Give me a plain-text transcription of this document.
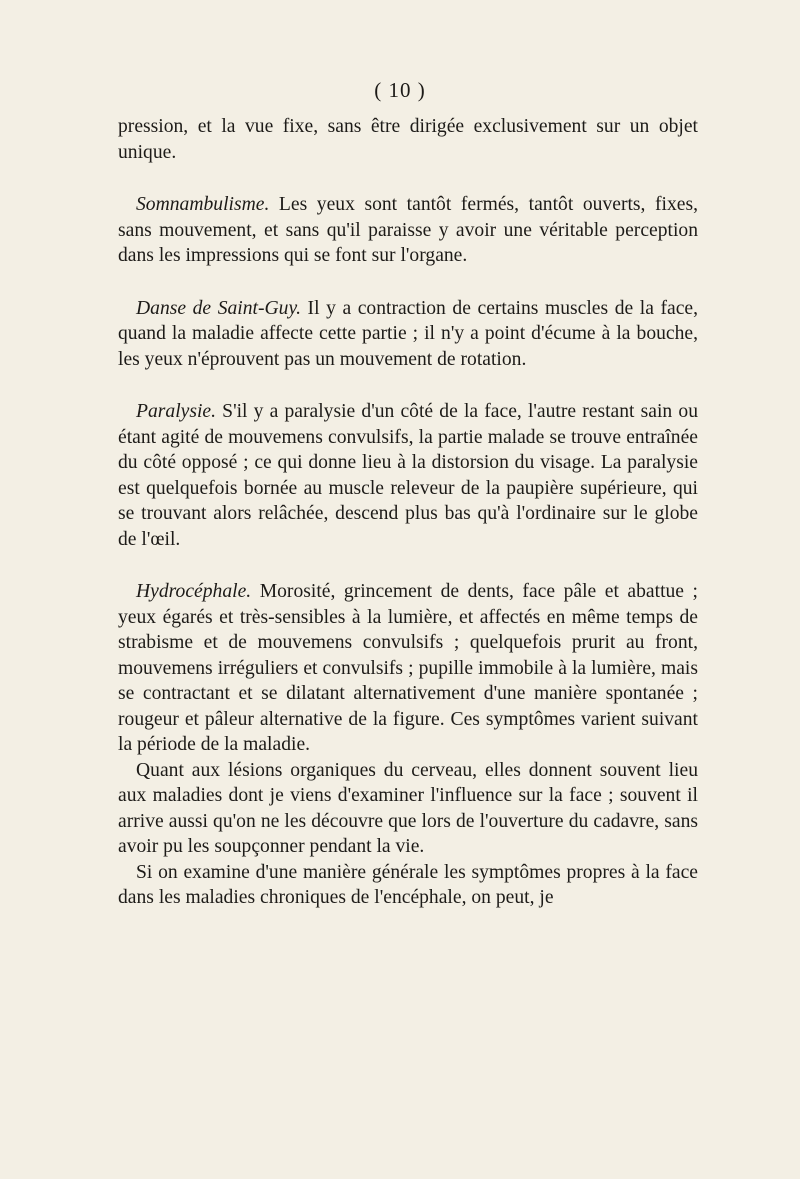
( 10 )

pression, et la vue fixe, sans être dirigée exclusivement sur un objet unique.

Somnambulisme. Les yeux sont tantôt fermés, tantôt ouverts, fixes, sans mouvement, et sans qu'il paraisse y avoir une véritable perception dans les impressions qui se font sur l'organe.

Danse de Saint-Guy. Il y a contraction de certains muscles de la face, quand la maladie affecte cette partie ; il n'y a point d'écume à la bouche, les yeux n'éprouvent pas un mouvement de rotation.

Paralysie. S'il y a paralysie d'un côté de la face, l'autre restant sain ou étant agité de mouvemens convulsifs, la partie malade se trouve entraînée du côté opposé ; ce qui donne lieu à la distorsion du visage. La paralysie est quelquefois bornée au muscle releveur de la paupière supérieure, qui se trouvant alors relâchée, descend plus bas qu'à l'ordinaire sur le globe de l'œil.

Hydrocéphale. Morosité, grincement de dents, face pâle et abattue ; yeux égarés et très-sensibles à la lumière, et affectés en même temps de strabisme et de mouvemens convulsifs ; quelquefois prurit au front, mouvemens irréguliers et convulsifs ; pupille immobile à la lumière, mais se contractant et se dilatant alternativement d'une manière spontanée ; rougeur et pâleur alternative de la figure. Ces symptômes varient suivant la période de la maladie.

Quant aux lésions organiques du cerveau, elles donnent souvent lieu aux maladies dont je viens d'examiner l'influence sur la face ; souvent il arrive aussi qu'on ne les découvre que lors de l'ouverture du cadavre, sans avoir pu les soupçonner pendant la vie.

Si on examine d'une manière générale les symptômes propres à la face dans les maladies chroniques de l'encéphale, on peut, je
